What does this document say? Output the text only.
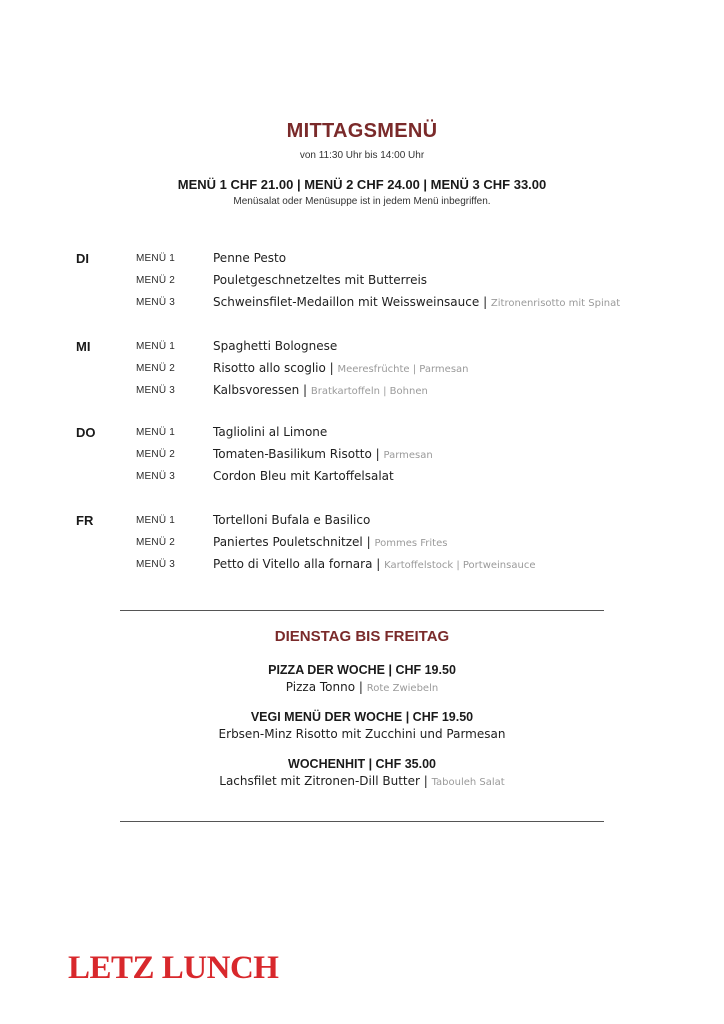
MITTAGSMENÜ
von 11:30 Uhr bis 14:00 Uhr
MENÜ 1 CHF 21.00 | MENÜ 2 CHF 24.00 | MENÜ 3 CHF 33.00
Menüsalat oder Menüsuppe ist in jedem Menü inbegriffen.
DI	MENÜ 1	Penne Pesto
MENÜ 2	Pouletgeschnetzeltes mit Butterreis
MENÜ 3	Schweinsfilet-Medaillon mit Weissweinsauce | Zitronenrisotto mit Spinat
MI	MENÜ 1	Spaghetti Bolognese
MENÜ 2	Risotto allo scoglio | Meeresfrüchte | Parmesan
MENÜ 3	Kalbsvoressen | Bratkartoffeln | Bohnen
DO	MENÜ 1	Tagliolini al Limone
MENÜ 2	Tomaten-Basilikum Risotto | Parmesan
MENÜ 3	Cordon Bleu mit Kartoffelsalat
FR	MENÜ 1	Tortelloni Bufala e Basilico
MENÜ 2	Paniertes Pouletschnitzel | Pommes Frites
MENÜ 3	Petto di Vitello alla fornara | Kartoffelstock | Portweinsauce
DIENSTAG BIS FREITAG
PIZZA DER WOCHE | CHF 19.50
Pizza Tonno | Rote Zwiebeln
VEGI MENÜ DER WOCHE | CHF 19.50
Erbsen-Minz Risotto mit Zucchini und Parmesan
WOCHENHIT | CHF 35.00
Lachsfilet mit Zitronen-Dill Butter | Tabouleh Salat
LETZ LUNCH
